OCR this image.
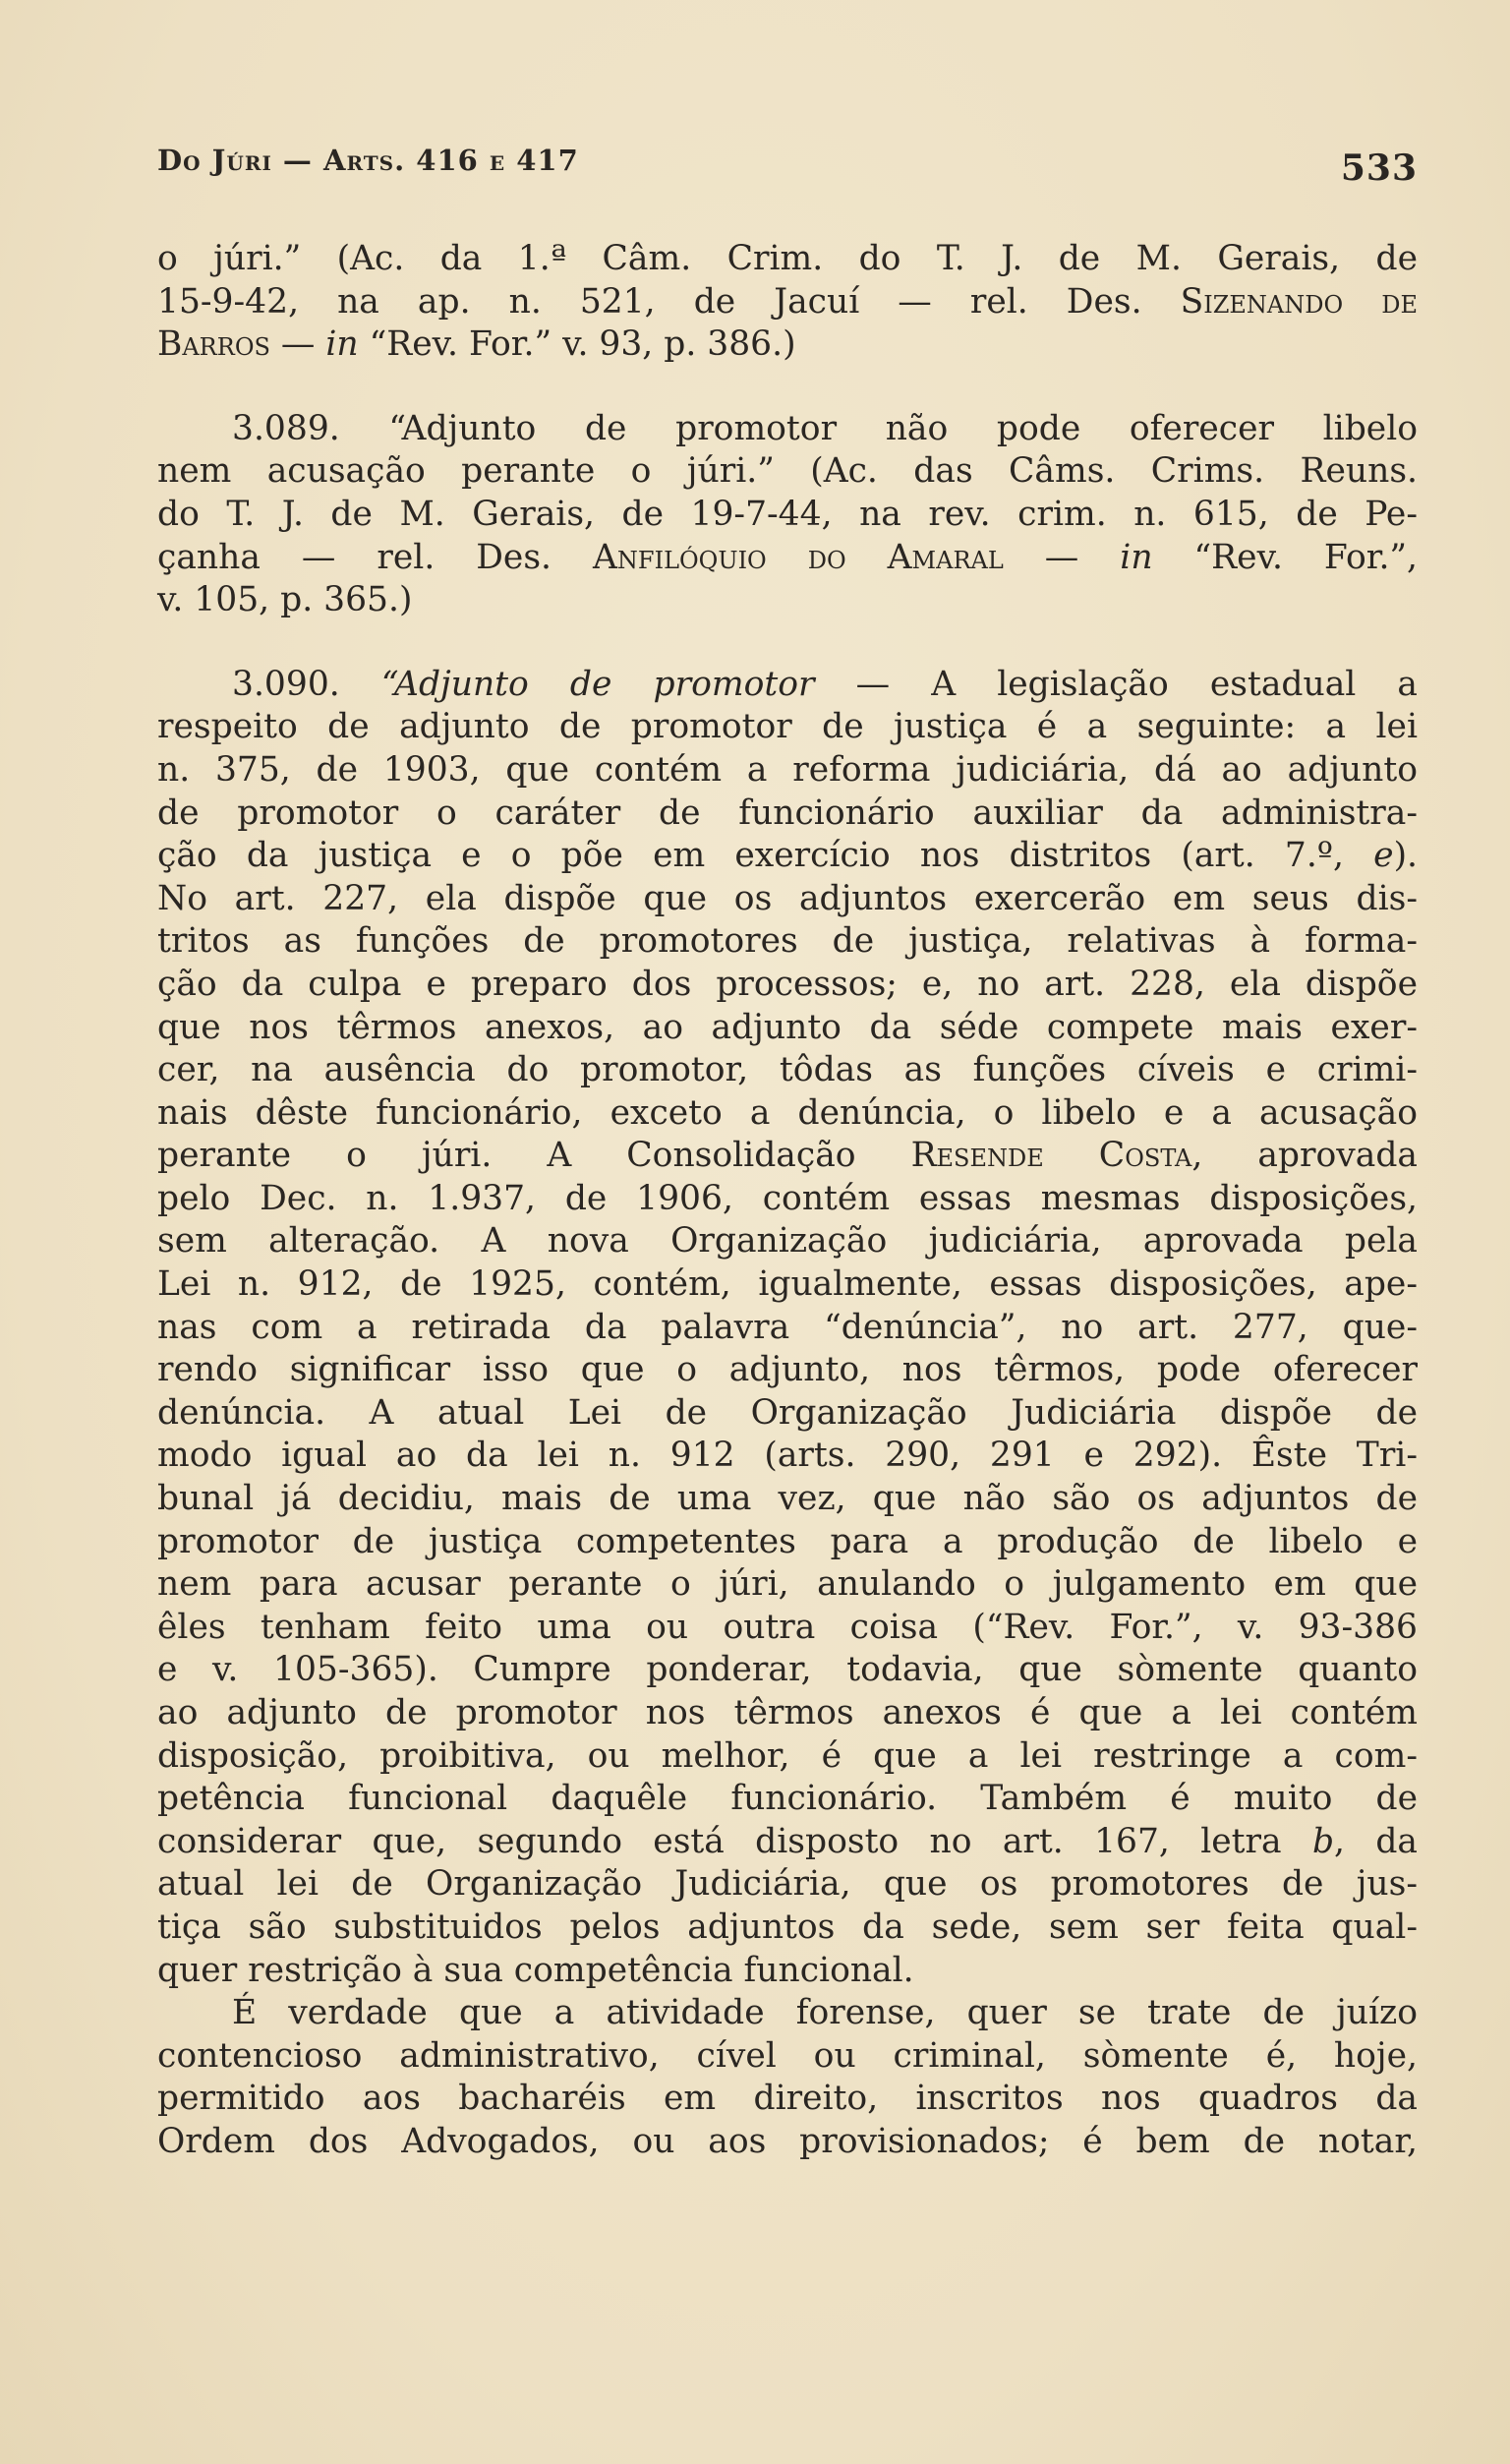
Do Júri — Arts. 416 e 417	533
o júri.” (Ac. da 1.ª Câm. Crim. do T. J. de M. Gerais, de
15-9-42, na ap. n. 521, de Jacuí — rel. Des. Sizenando de
Barros — in “Rev. For.” v. 93, p. 386.)
3.089. “Adjunto de promotor não pode oferecer libelo
nem acusação perante o júri.” (Ac. das Câms. Crims. Reuns.
do T. J. de M. Gerais, de 19-7-44, na rev. crim. n. 615, de Pe-
çanha — rel. Des. Anfilóquio do Amaral — in “Rev. For.”,
v. 105, p. 365.)
3.090. “Adjunto de promotor — A legislação estadual a
respeito de adjunto de promotor de justiça é a seguinte: a lei
n. 375, de 1903, que contém a reforma judiciária, dá ao adjunto
de promotor o caráter de funcionário auxiliar da administra-
ção da justiça e o põe em exercício nos distritos (art. 7.º, e).
No art. 227, ela dispõe que os adjuntos exercerão em seus dis-
tritos as funções de promotores de justiça, relativas à forma-
ção da culpa e preparo dos processos; e, no art. 228, ela dispõe
que nos têrmos anexos, ao adjunto da séde compete mais exer-
cer, na ausência do promotor, tôdas as funções cíveis e crimi-
nais dêste funcionário, exceto a denúncia, o libelo e a acusação
perante o júri. A Consolidação Resende Costa, aprovada
pelo Dec. n. 1.937, de 1906, contém essas mesmas disposições,
sem alteração. A nova Organização judiciária, aprovada pela
Lei n. 912, de 1925, contém, igualmente, essas disposições, ape-
nas com a retirada da palavra “denúncia”, no art. 277, que-
rendo significar isso que o adjunto, nos têrmos, pode oferecer
denúncia. A atual Lei de Organização Judiciária dispõe de
modo igual ao da lei n. 912 (arts. 290, 291 e 292). Êste Tri-
bunal já decidiu, mais de uma vez, que não são os adjuntos de
promotor de justiça competentes para a produção de libelo e
nem para acusar perante o júri, anulando o julgamento em que
êles tenham feito uma ou outra coisa (“Rev. For.”, v. 93-386
e v. 105-365). Cumpre ponderar, todavia, que sòmente quanto
ao adjunto de promotor nos têrmos anexos é que a lei contém
disposição, proibitiva, ou melhor, é que a lei restringe a com-
petência funcional daquêle funcionário. Também é muito de
considerar que, segundo está disposto no art. 167, letra b, da
atual lei de Organização Judiciária, que os promotores de jus-
tiça são substituidos pelos adjuntos da sede, sem ser feita qual-
quer restrição à sua competência funcional.
É verdade que a atividade forense, quer se trate de juízo
contencioso administrativo, cível ou criminal, sòmente é, hoje,
permitido aos bacharéis em direito, inscritos nos quadros da
Ordem dos Advogados, ou aos provisionados; é bem de notar,
